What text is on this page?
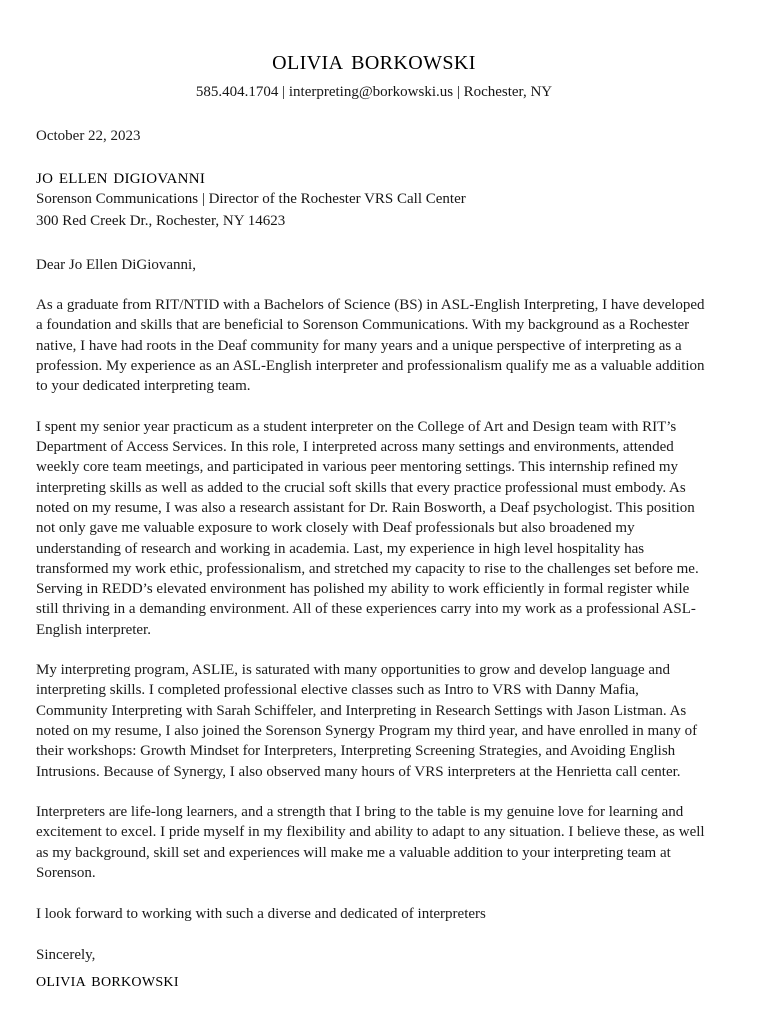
olivia borkowski
585.404.1704 | interpreting@borkowski.us | Rochester, NY
October 22, 2023
jo ellen digiovanni
Sorenson Communications | Director of the Rochester VRS Call Center
300 Red Creek Dr., Rochester, NY 14623
Dear Jo Ellen DiGiovanni,
As a graduate from RIT/NTID with a Bachelors of Science (BS) in ASL-English Interpreting, I have developed a foundation and skills that are beneficial to Sorenson Communications. With my background as a Rochester native, I have had roots in the Deaf community for many years and a unique perspective of interpreting as a profession. My experience as an ASL-English interpreter and professionalism qualify me as a valuable addition to your dedicated interpreting team.
I spent my senior year practicum as a student interpreter on the College of Art and Design team with RIT’s Department of Access Services. In this role, I interpreted across many settings and environments, attended weekly core team meetings, and participated in various peer mentoring settings. This internship refined my interpreting skills as well as added to the crucial soft skills that every practice professional must embody. As noted on my resume, I was also a research assistant for Dr. Rain Bosworth, a Deaf psychologist. This position not only gave me valuable exposure to work closely with Deaf professionals but also broadened my understanding of research and working in academia. Last, my experience in high level hospitality has transformed my work ethic, professionalism, and stretched my capacity to rise to the challenges set before me. Serving in REDD’s elevated environment has polished my ability to work efficiently in formal register while still thriving in a demanding environment. All of these experiences carry into my work as a professional ASL-English interpreter.
My interpreting program, ASLIE, is saturated with many opportunities to grow and develop language and interpreting skills. I completed professional elective classes such as Intro to VRS with Danny Mafia, Community Interpreting with Sarah Schiffeler, and Interpreting in Research Settings with Jason Listman. As noted on my resume, I also joined the Sorenson Synergy Program my third year, and have enrolled in many of their workshops: Growth Mindset for Interpreters, Interpreting Screening Strategies, and Avoiding English Intrusions. Because of Synergy, I also observed many hours of VRS interpreters at the Henrietta call center.
Interpreters are life-long learners, and a strength that I bring to the table is my genuine love for learning and excitement to excel. I pride myself in my flexibility and ability to adapt to any situation. I believe these, as well as my background, skill set and experiences will make me a valuable addition to your interpreting team at Sorenson.
I look forward to working with such a diverse and dedicated of interpreters
Sincerely,
olivia borkowski
